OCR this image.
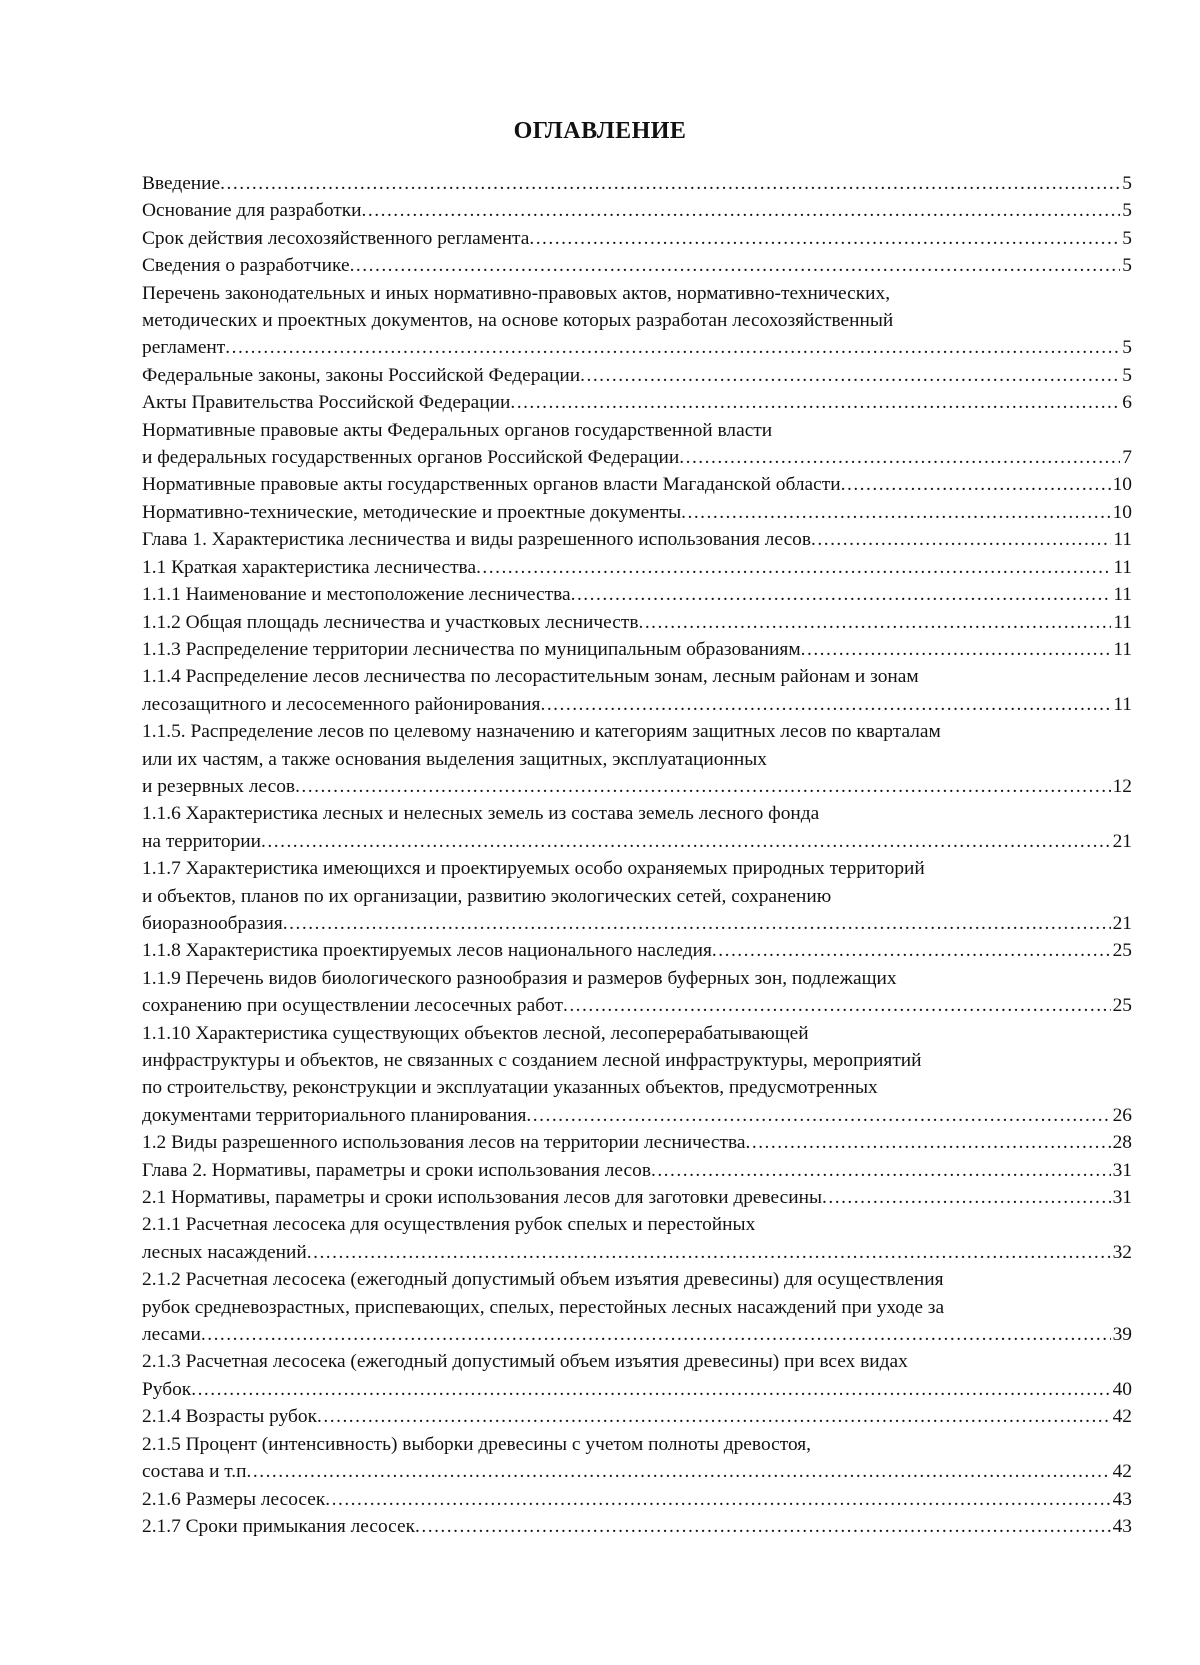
ОГЛАВЛЕНИЕ
Введение .....	5
Основание для разработки .....	5
Срок действия лесохозяйственного регламента .....	5
Сведения о разработчике .....	5
Перечень законодательных и иных нормативно-правовых актов, нормативно-технических,
методических и проектных документов, на основе которых разработан лесохозяйственный
регламент .....	5
Федеральные законы, законы Российской Федерации .....	5
Акты Правительства Российской Федерации .....	6
Нормативные правовые акты Федеральных органов государственной власти
и федеральных государственных органов Российской Федерации .....	7
Нормативные правовые акты государственных органов власти Магаданской области .....	10
Нормативно-технические, методические и проектные документы .....	10
Глава 1. Характеристика лесничества и виды разрешенного использования лесов .....	11
1.1 Краткая характеристика лесничества .....	11
1.1.1 Наименование и местоположение лесничества .....	11
1.1.2 Общая площадь лесничества и участковых лесничеств .....	11
1.1.3 Распределение территории лесничества по муниципальным образованиям .....	11
1.1.4 Распределение лесов лесничества по лесорастительным зонам, лесным районам и зонам
лесозащитного и лесосеменного районирования .....	11
1.1.5. Распределение лесов по целевому назначению и категориям защитных лесов по кварталам
или их частям, а также основания выделения защитных, эксплуатационных
и резервных лесов .....	12
1.1.6 Характеристика лесных и нелесных земель из состава земель лесного фонда
на территории .....	21
1.1.7 Характеристика имеющихся и проектируемых особо охраняемых природных территорий
и объектов, планов по их организации, развитию экологических сетей, сохранению
биоразнообразия .....	21
1.1.8 Характеристика проектируемых лесов национального наследия .....	25
1.1.9 Перечень видов биологического разнообразия и размеров буферных зон, подлежащих
сохранению при осуществлении лесосечных работ .....	25
1.1.10 Характеристика существующих объектов лесной, лесоперерабатывающей
инфраструктуры и объектов, не связанных с созданием лесной инфраструктуры, мероприятий
по строительству, реконструкции и эксплуатации указанных объектов, предусмотренных
документами территориального планирования .....	26
1.2 Виды разрешенного использования лесов на территории лесничества .....	28
Глава 2. Нормативы, параметры и сроки использования лесов .....	31
2.1 Нормативы, параметры и сроки использования лесов для заготовки древесины .....	31
2.1.1 Расчетная лесосека для осуществления рубок спелых и перестойных
лесных насаждений .....	32
2.1.2 Расчетная лесосека (ежегодный допустимый объем изъятия древесины) для осуществления
рубок средневозрастных, приспевающих, спелых, перестойных лесных насаждений при уходе за
лесами .....	39
2.1.3 Расчетная лесосека (ежегодный допустимый объем изъятия древесины) при всех видах
Рубок .....	40
2.1.4 Возрасты рубок .....	42
2.1.5 Процент (интенсивность) выборки древесины с учетом полноты древостоя,
состава и т.п .....	42
2.1.6 Размеры лесосек .....	43
2.1.7 Сроки примыкания лесосек .....	43
